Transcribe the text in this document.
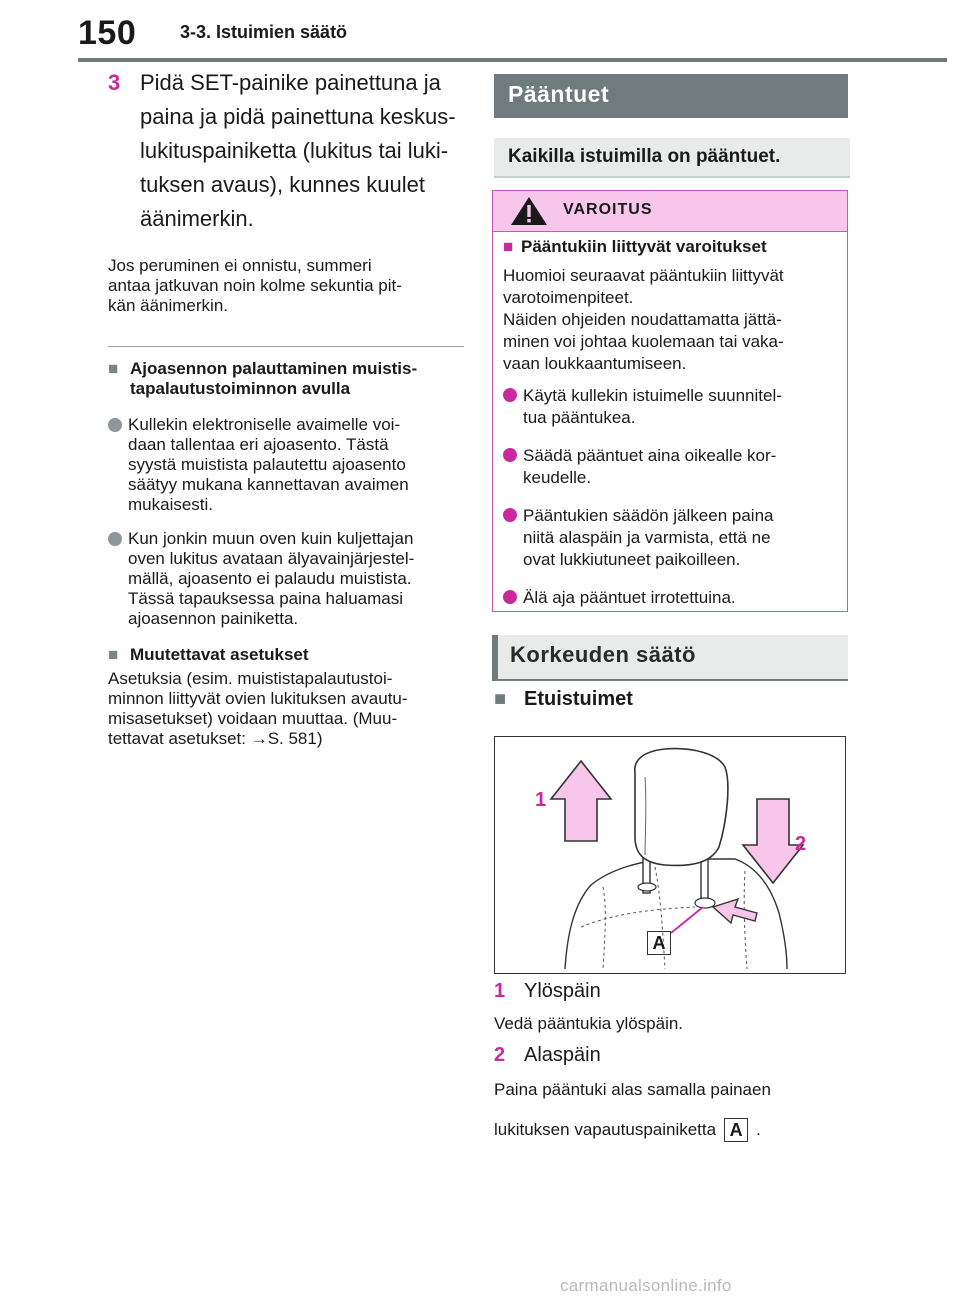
150 3-3. Istuimien säätö
3 Pidä SET-painike painettuna ja
paina ja pidä painettuna keskus-
lukituspainiketta (lukitus tai luki-
tuksen avaus), kunnes kuulet
äänimerkin.

Jos peruminen ei onnistu, summeri

antaa jatkuvan noin kolme sekuntia pit-

kän äänimerkin.

■ Ajoasennon palauttaminen muistis-
tapalautustoiminnon avulla
Kullekin elektroniselle avaimelle voi-
daan tallentaa eri ajoasento. Tästä
syystä muistista palautettu ajoasento
säätyy mukana kannettavan avaimen
mukaisesti.
Kun jonkin muun oven kuin kuljettajan
oven lukitus avataan älyavainjärjestel-
mällä, ajoasento ei palaudu muistista.
Tässä tapauksessa paina haluamasi
ajoasennon painiketta.
■ Muutettavat asetukset

Asetuksia (esim. muististapalautustoi-

minnon liittyvät ovien lukituksen avautu-

misasetukset) voidaan muuttaa. (Muu-

tettavat asetukset: →S. 581)

Pääntuet
Kaikilla istuimilla on pääntuet.
VAROITUS
■ Pääntukiin liittyvät varoitukset

Huomioi seuraavat pääntukiin liittyvät

varotoimenpiteet.

Näiden ohjeiden noudattamatta jättä-

minen voi johtaa kuolemaan tai vaka-

vaan loukkaantumiseen.

Käytä kullekin istuimelle suunnitel-
tua pääntukea.
Säädä pääntuet aina oikealle kor-
keudelle.
Pääntukien säädön jälkeen paina
niitä alaspäin ja varmista, että ne
ovat lukkiutuneet paikoilleen.
Älä aja pääntuet irrotettuina.
Korkeuden säätö
■ Etuistuimet
1
2
A
1 Ylöspäin
Vedä pääntukia ylöspäin.
2 Alaspäin
Paina pääntuki alas samalla painaen
lukituksen vapautuspainiketta A .
carmanualsonline.info
